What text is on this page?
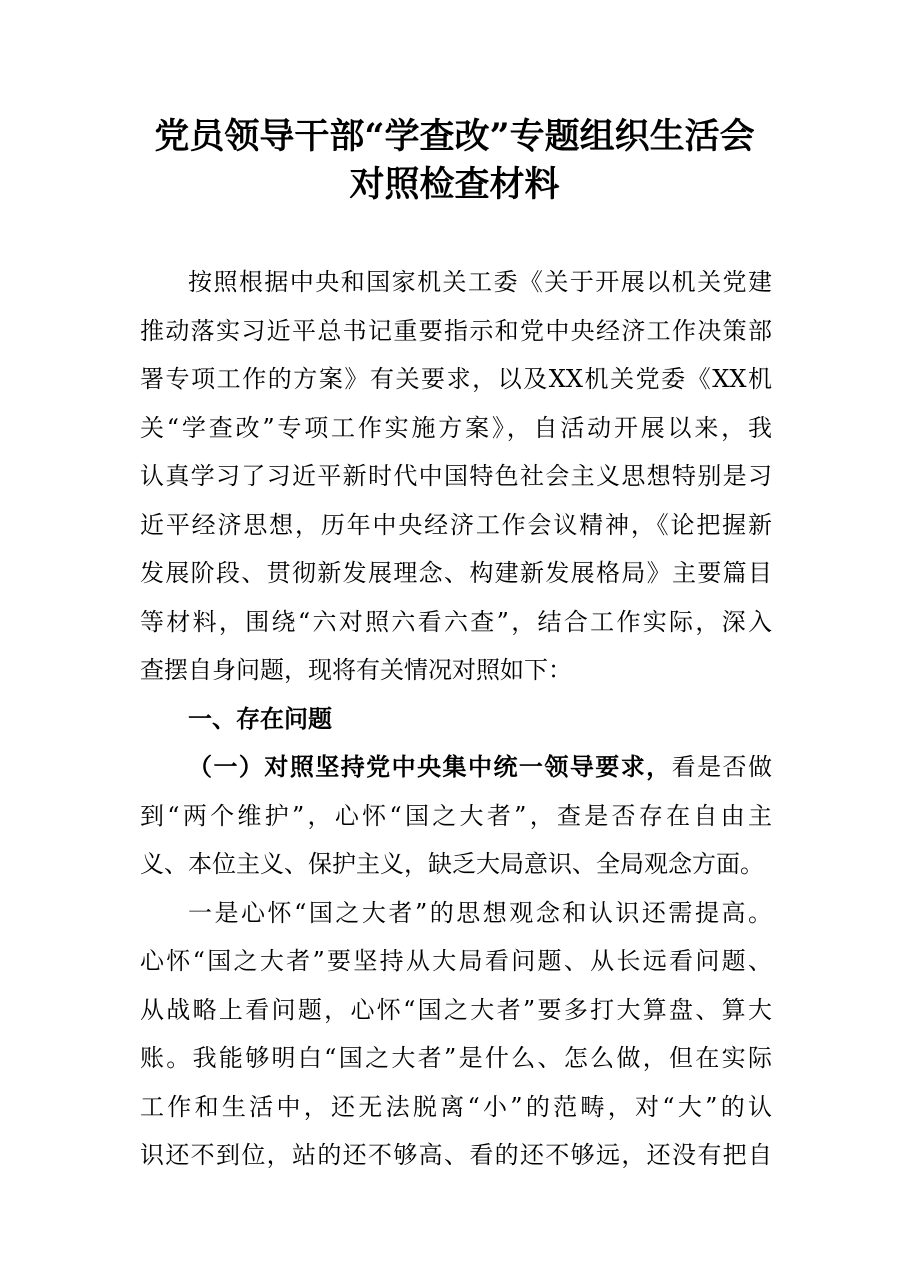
党员领导干部“学查改”专题组织生活会
对照检查材料
按照根据中央和国家机关工委《关于开展以机关党建
推动落实习近平总书记重要指示和党中央经济工作决策部
署专项工作的方案》有关要求，以及XX机关党委《XX机
关“学查改”专项工作实施方案》，自活动开展以来，我
认真学习了习近平新时代中国特色社会主义思想特别是习
近平经济思想，历年中央经济工作会议精神，《论把握新
发展阶段、贯彻新发展理念、构建新发展格局》主要篇目
等材料，围绕“六对照六看六查”，结合工作实际，深入
查摆自身问题，现将有关情况对照如下：
一、存在问题
（一）对照坚持党中央集中统一领导要求，看是否做
到“两个维护”，心怀“国之大者”，查是否存在自由主
义、本位主义、保护主义，缺乏大局意识、全局观念方面。
一是心怀“国之大者”的思想观念和认识还需提高。
心怀“国之大者”要坚持从大局看问题、从长远看问题、
从战略上看问题，心怀“国之大者”要多打大算盘、算大
账。我能够明白“国之大者”是什么、怎么做，但在实际
工作和生活中，还无法脱离“小”的范畴，对“大”的认
识还不到位，站的还不够高、看的还不够远，还没有把自
